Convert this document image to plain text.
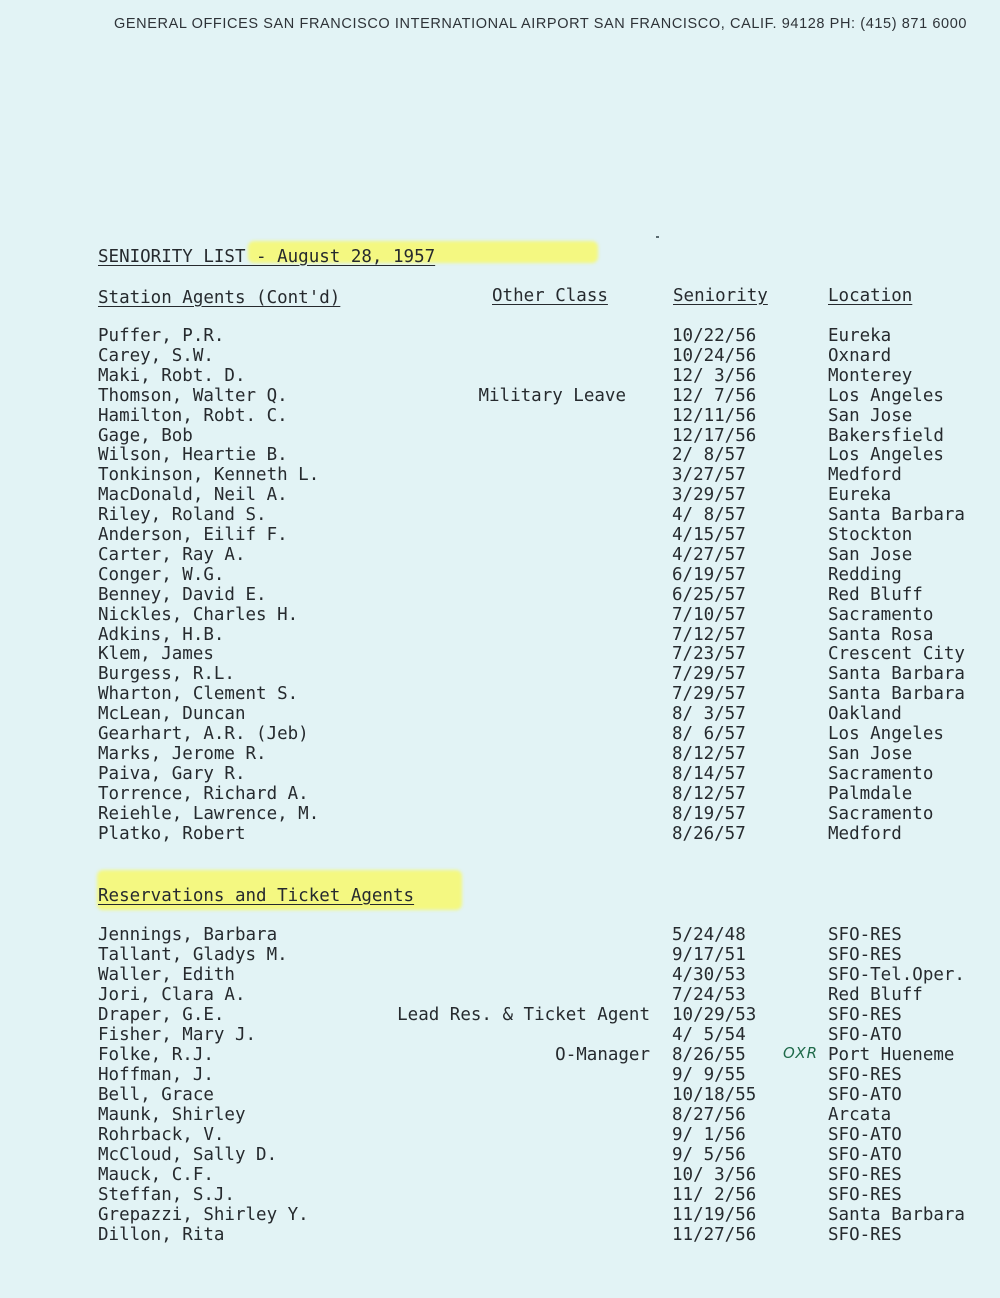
GENERAL OFFICES SAN FRANCISCO INTERNATIONAL AIRPORT SAN FRANCISCO, CALIF. 94128 PH: (415) 871 6000
SENIORITY LIST - August 28, 1957
Station Agents (Cont'd)	Other Class	Seniority	Location
Puffer, P.R.	10/22/56	Eureka
Carey, S.W.	10/24/56	Oxnard
Maki, Robt. D.	12/ 3/56	Monterey
Thomson, Walter Q.	Military Leave	12/ 7/56	Los Angeles
Hamilton, Robt. C.	12/11/56	San Jose
Gage, Bob	12/17/56	Bakersfield
Wilson, Heartie B.	2/ 8/57	Los Angeles
Tonkinson, Kenneth L.	3/27/57	Medford
MacDonald, Neil A.	3/29/57	Eureka
Riley, Roland S.	4/ 8/57	Santa Barbara
Anderson, Eilif F.	4/15/57	Stockton
Carter, Ray A.	4/27/57	San Jose
Conger, W.G.	6/19/57	Redding
Benney, David E.	6/25/57	Red Bluff
Nickles, Charles H.	7/10/57	Sacramento
Adkins, H.B.	7/12/57	Santa Rosa
Klem, James	7/23/57	Crescent City
Burgess, R.L.	7/29/57	Santa Barbara
Wharton, Clement S.	7/29/57	Santa Barbara
McLean, Duncan	8/ 3/57	Oakland
Gearhart, A.R. (Jeb)	8/ 6/57	Los Angeles
Marks, Jerome R.	8/12/57	San Jose
Paiva, Gary R.	8/14/57	Sacramento
Torrence, Richard A.	8/12/57	Palmdale
Reiehle, Lawrence, M.	8/19/57	Sacramento
Platko, Robert	8/26/57	Medford
Reservations and Ticket Agents
Jennings, Barbara	5/24/48	SFO-RES
Tallant, Gladys M.	9/17/51	SFO-RES
Waller, Edith	4/30/53	SFO-Tel.Oper.
Jori, Clara A.	7/24/53	Red Bluff
Draper, G.E.	Lead Res. & Ticket Agent 10/29/53	SFO-RES
Fisher, Mary J.	4/ 5/54	SFO-ATO
Folke, R.J.	O-Manager 8/26/55	Port Hueneme
Hoffman, J.	9/ 9/55	SFO-RES
Bell, Grace	10/18/55	SFO-ATO
Maunk, Shirley	8/27/56	Arcata
Rohrback, V.	9/ 1/56	SFO-ATO
McCloud, Sally D.	9/ 5/56	SFO-ATO
Mauck, C.F.	10/ 3/56	SFO-RES
Steffan, S.J.	11/ 2/56	SFO-RES
Grepazzi, Shirley Y.	11/19/56	Santa Barbara
Dillon, Rita	11/27/56	SFO-RES
OXR
